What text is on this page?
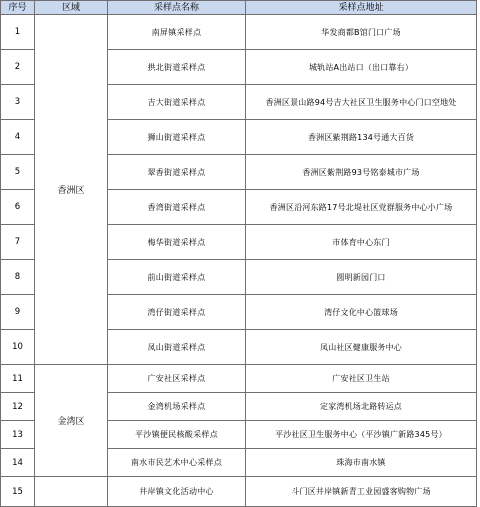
序号	区域	采样点名称	采样点地址
1	香洲区	南屏镇采样点	华发商都B馆门口广场
2		拱北街道采样点	城轨站A出站口（出口靠右）
3		吉大街道采样点	香洲区景山路94号吉大社区卫生服务中心门口空地处
4		狮山街道采样点	香洲区紫荆路134号通大百货
5		翠香街道采样点	香洲区紫荆路93号铭泰城市广场
6		香湾街道采样点	香洲区沿河东路17号北堤社区党群服务中心小广场
7		梅华街道采样点	市体育中心东门
8		前山街道采样点	圆明新园门口
9		湾仔街道采样点	湾仔文化中心篮球场
10		凤山街道采样点	凤山社区健康服务中心
11	金湾区	广安社区采样点	广安社区卫生站
12		金湾机场采样点	定家湾机场北路转运点
13		平沙镇便民核酸采样点	平沙社区卫生服务中心（平沙镇广新路345号）
14		南水市民艺术中心采样点	珠海市南水镇
15		井岸镇文化活动中心	斗门区井岸镇新青工业园盛客购物广场
